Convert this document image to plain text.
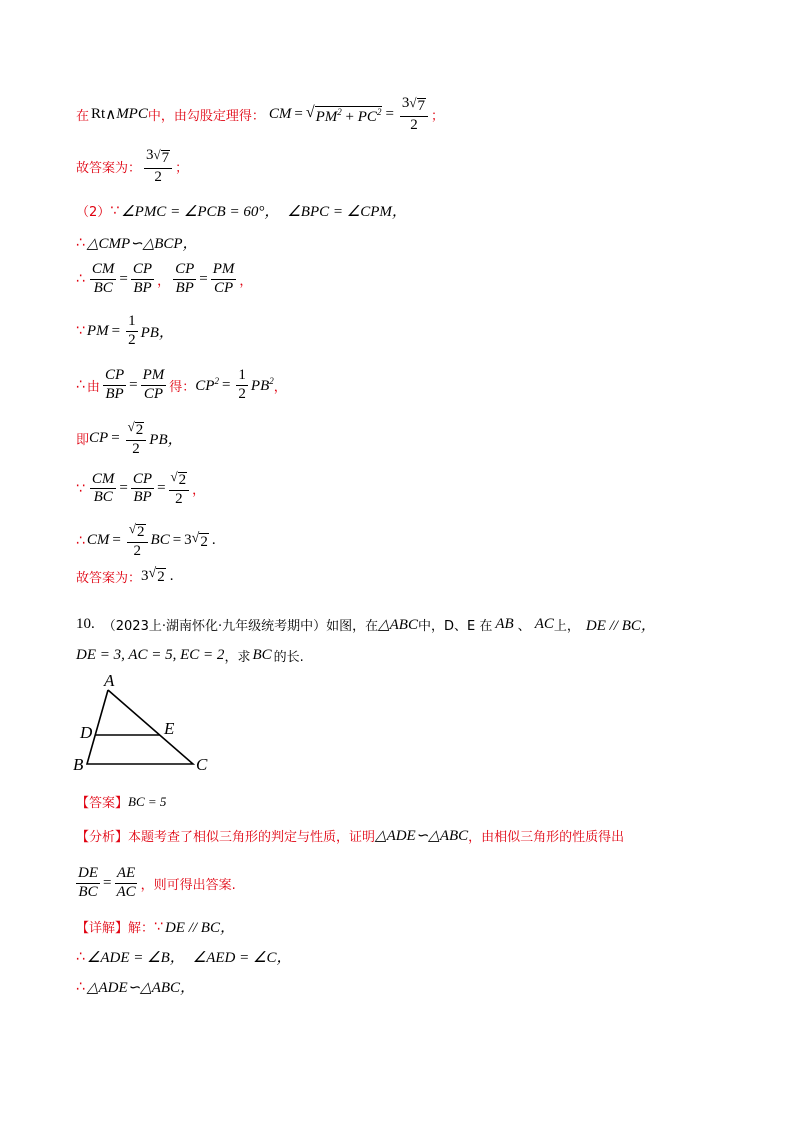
在 Rt ∧ MPC 中，由勾股定理得： CM = √ $PM^2 + PC^2 = \frac{3 √ 7}{2}$ ；
故答案为： $\frac{3 √ 7}{2}$ ；
（2） ∵ ∠PMC = ∠PCB = 60°， ∠BPC = ∠CPM，
∴ △CMP∽△BCP，
∴ $\frac{CM}{BC} = \frac{CP}{BP}$ ， $\frac{CP}{BP} = \frac{PM}{CP}$ ，
∵ PM = $\frac{1}{2}$ PB，
∴ 由 $\frac{CP}{BP} = \frac{PM}{CP}$ 得： $CP^2 = \frac{1}{2} PB^2$ ，
即 CP = $\frac{√ 2}{2}$ PB，
∵ $\frac{CM}{BC} = \frac{CP}{BP} = \frac{√ 2}{2}$ ，
∴ CM = $\frac{√ 2}{2}$ BC = 3 √ 2 .
故答案为： 3 √ 2 .
10. （2023上·湖南怀化·九年级统考期中）如图，在 △ABC 中，D、E 在 AB 、 AC 上， DE // BC，
DE = 3, AC = 5, EC = 2 ，求 BC 的长.
A
D	E
B	C
【答案】 BC = 5
【分析】 本题考查了相似三角形的判定与性质，证明 △ADE∽△ABC ，由相似三角形的性质得出
$\frac{DE}{BC} = \frac{AE}{AC}$ ，则可得出答案.
【详解】 解： ∵ DE // BC，
∴ ∠ADE = ∠B， ∠AED = ∠C，
∴ △ADE∽△ABC，
